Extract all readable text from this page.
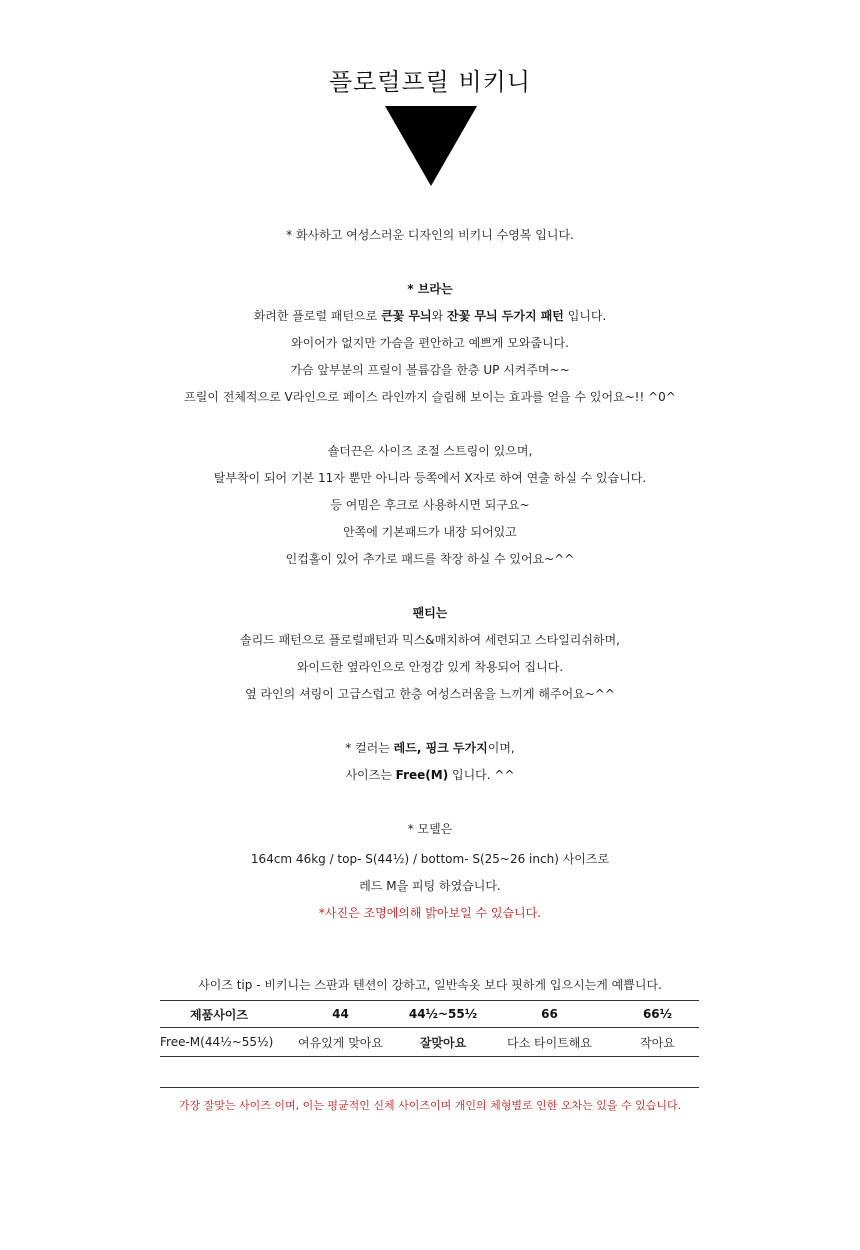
플로럴프릴 비키니
* 화사하고 여성스러운 디자인의 비키니 수영복 입니다.
* 브라는
화려한 플로럴 패턴으로 큰꽃 무늬와 잔꽃 무늬 두가지 패턴 입니다.
와이어가 없지만 가슴을 편안하고 예쁘게 모와줍니다.
가슴 앞부분의 프릴이 볼륨감을 한층 UP 시켜주며~~
프릴이 전체적으로 V라인으로 페이스 라인까지 슬림해 보이는 효과를 얻을 수 있어요~!! ^0^
숄더끈은 사이즈 조절 스트링이 있으며,
탈부착이 되어 기본 11자 뿐만 아니라 등쪽에서 X자로 하여 연출 하실 수 있습니다.
등 여밈은 후크로 사용하시면 되구요~
안쪽에 기본패드가 내장 되어있고
인컵홀이 있어 추가로 패드를 착장 하실 수 있어요~^^
팬티는
솔리드 패턴으로 플로럴패턴과 믹스&매치하여 세련되고 스타일리쉬하며,
와이드한 옆라인으로 안정감 있게 착용되어 집니다.
옆 라인의 셔링이 고급스럽고 한층 여성스러움을 느끼게 해주어요~^^
* 컬러는 레드, 핑크 두가지이며,
사이즈는 Free(M) 입니다. ^^
* 모델은
164cm 46kg / top- S(44½) / bottom- S(25~26 inch) 사이즈로
레드 M을 피팅 하였습니다.
*사진은 조명에의해 밝아보일 수 있습니다.
사이즈 tip - 비키니는 스판과 텐션이 강하고, 일반속옷 보다 핏하게 입으시는게 예쁩니다.
제품사이즈	44	44½~55½	66	66½
Free-M(44½~55½)	여유있게 맞아요	잘맞아요	다소 타이트해요	작아요

가장 잘맞는 사이즈 이며, 이는 평균적인 신체 사이즈이며 개인의 체형별로 인한 오차는 있을 수 있습니다.
